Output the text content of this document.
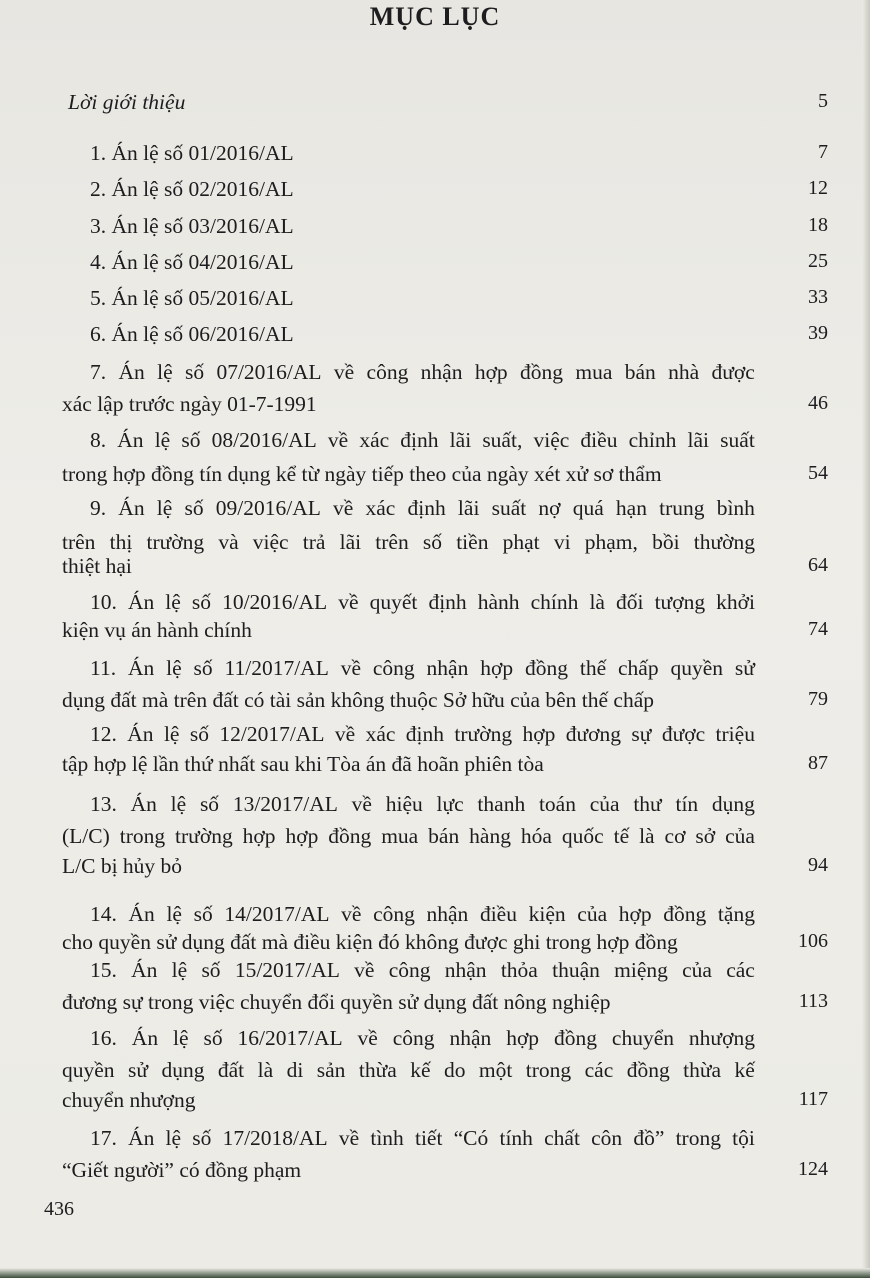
MỤC LỤC
Lời giới thiệu	5
1. Án lệ số 01/2016/AL	7
2. Án lệ số 02/2016/AL	12
3. Án lệ số 03/2016/AL	18
4. Án lệ số 04/2016/AL	25
5. Án lệ số 05/2016/AL	33
6. Án lệ số 06/2016/AL	39
7. Án lệ số 07/2016/AL về công nhận hợp đồng mua bán nhà được
xác lập trước ngày 01-7-1991	46
8. Án lệ số 08/2016/AL về xác định lãi suất, việc điều chỉnh lãi suất
trong hợp đồng tín dụng kể từ ngày tiếp theo của ngày xét xử sơ thẩm	54
9. Án lệ số 09/2016/AL về xác định lãi suất nợ quá hạn trung bình
trên thị trường và việc trả lãi trên số tiền phạt vi phạm, bồi thường
thiệt hại	64
10. Án lệ số 10/2016/AL về quyết định hành chính là đối tượng khởi
kiện vụ án hành chính	74
11. Án lệ số 11/2017/AL về công nhận hợp đồng thế chấp quyền sử
dụng đất mà trên đất có tài sản không thuộc Sở hữu của bên thế chấp	79
12. Án lệ số 12/2017/AL về xác định trường hợp đương sự được triệu
tập hợp lệ lần thứ nhất sau khi Tòa án đã hoãn phiên tòa	87
13. Án lệ số 13/2017/AL về hiệu lực thanh toán của thư tín dụng
(L/C) trong trường hợp hợp đồng mua bán hàng hóa quốc tế là cơ sở của
L/C bị hủy bỏ	94
14. Án lệ số 14/2017/AL về công nhận điều kiện của hợp đồng tặng
cho quyền sử dụng đất mà điều kiện đó không được ghi trong hợp đồng	106
15. Án lệ số 15/2017/AL về công nhận thỏa thuận miệng của các
đương sự trong việc chuyển đổi quyền sử dụng đất nông nghiệp	113
16. Án lệ số 16/2017/AL về công nhận hợp đồng chuyển nhượng
quyền sử dụng đất là di sản thừa kế do một trong các đồng thừa kế
chuyển nhượng	117
17. Án lệ số 17/2018/AL về tình tiết “Có tính chất côn đồ” trong tội
“Giết người” có đồng phạm	124
436
